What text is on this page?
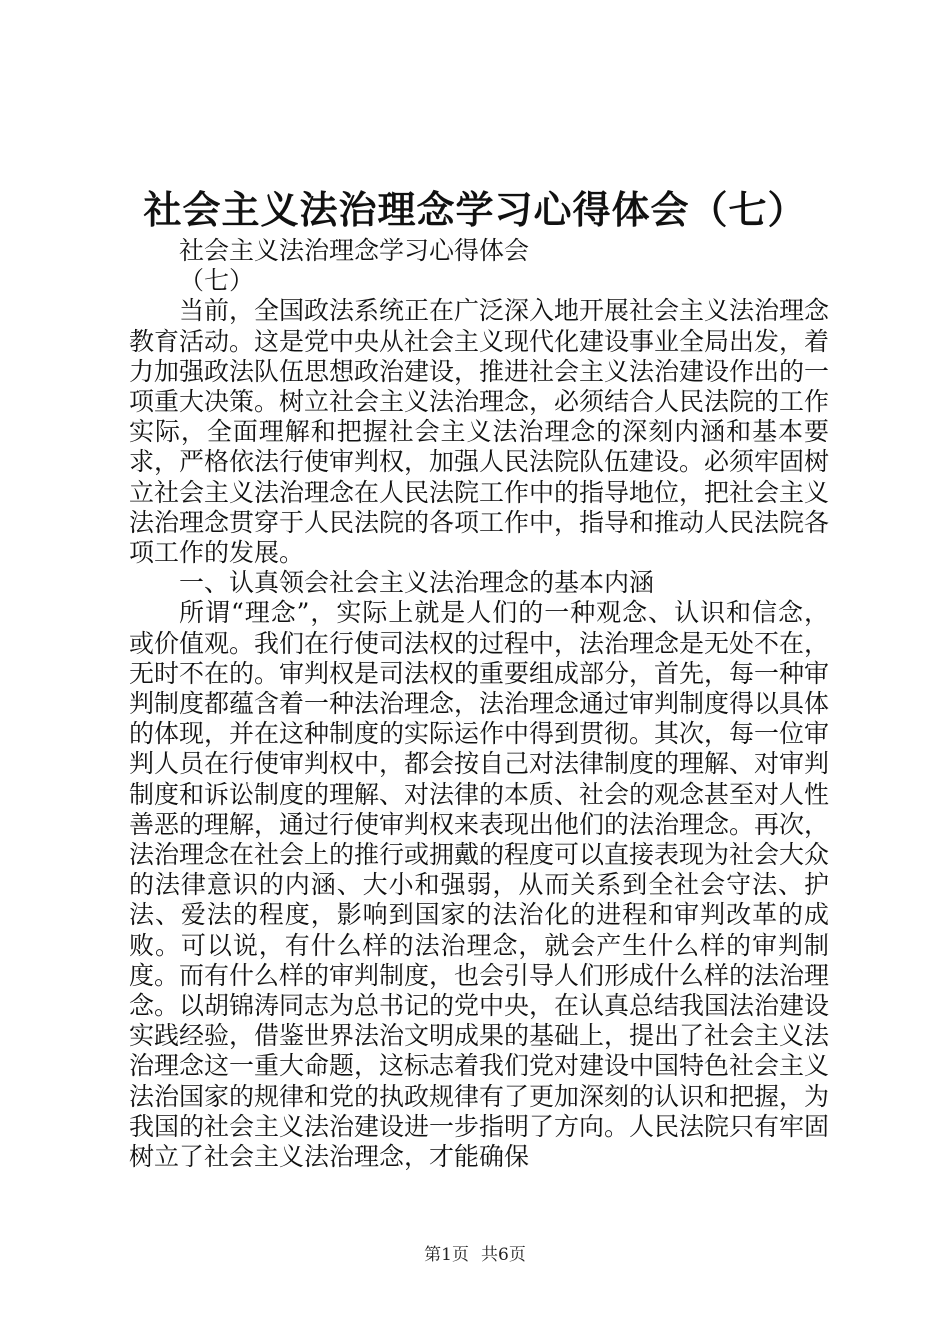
社会主义法治理念学习心得体会（七）

社会主义法治理念学习心得体会

（七）

当前，全国政法系统正在广泛深入地开展社会主义法治理念教育活动。这是党中央从社会主义现代化建设事业全局出发，着力加强政法队伍思想政治建设，推进社会主义法治建设作出的一项重大决策。树立社会主义法治理念，必须结合人民法院的工作实际，全面理解和把握社会主义法治理念的深刻内涵和基本要求，严格依法行使审判权，加强人民法院队伍建设。必须牢固树立社会主义法治理念在人民法院工作中的指导地位，把社会主义法治理念贯穿于人民法院的各项工作中，指导和推动人民法院各项工作的发展。

一、认真领会社会主义法治理念的基本内涵

所谓“理念”，实际上就是人们的一种观念、认识和信念，或价值观。我们在行使司法权的过程中，法治理念是无处不在，无时不在的。审判权是司法权的重要组成部分，首先，每一种审判制度都蕴含着一种法治理念，法治理念通过审判制度得以具体的体现，并在这种制度的实际运作中得到贯彻。其次，每一位审判人员在行使审判权中，都会按自己对法律制度的理解、对审判制度和诉讼制度的理解、对法律的本质、社会的观念甚至对人性善恶的理解，通过行使审判权来表现出他们的法治理念。再次，法治理念在社会上的推行或拥戴的程度可以直接表现为社会大众的法律意识的内涵、大小和强弱，从而关系到全社会守法、护法、爱法的程度，影响到国家的法治化的进程和审判改革的成败。可以说，有什么样的法治理念，就会产生什么样的审判制度。而有什么样的审判制度，也会引导人们形成什么样的法治理念。以胡锦涛同志为总书记的党中央，在认真总结我国法治建设实践经验，借鉴世界法治文明成果的基础上，提出了社会主义法治理念这一重大命题，这标志着我们党对建设中国特色社会主义法治国家的规律和党的执政规律有了更加深刻的认识和把握，为我国的社会主义法治建设进一步指明了方向。人民法院只有牢固树立了社会主义法治理念，才能确保

第1页 共6页
